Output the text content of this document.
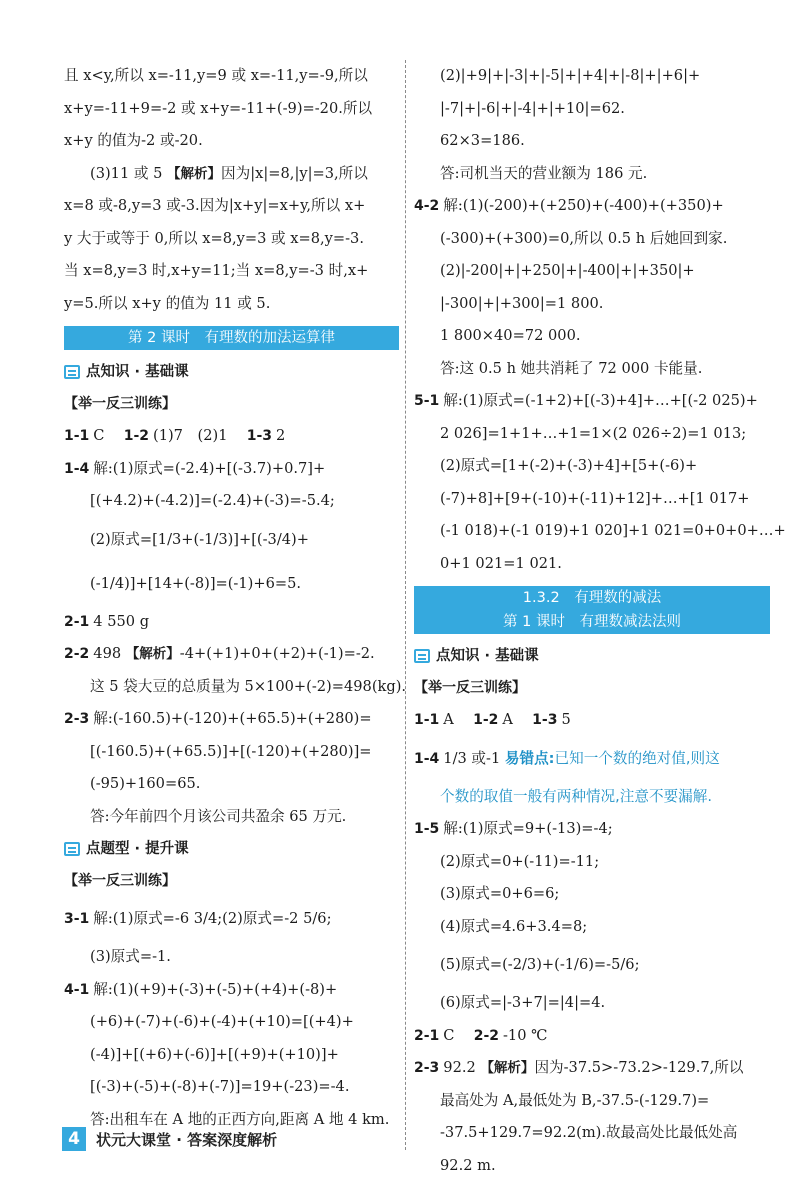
且 x<y,所以 x=-11,y=9 或 x=-11,y=-9,所以
x+y=-11+9=-2 或 x+y=-11+(-9)=-20.所以
x+y 的值为-2 或-20.
(3)11 或 5 【解析】因为|x|=8,|y|=3,所以
x=8 或-8,y=3 或-3.因为|x+y|=x+y,所以 x+
y 大于或等于 0,所以 x=8,y=3 或 x=8,y=-3.
当 x=8,y=3 时,x+y=11;当 x=8,y=-3 时,x+
y=5.所以 x+y 的值为 11 或 5.
第 2 课时　有理数的加法运算律
点知识 · 基础课
【举一反三训练】
1-1 C　 1-2 (1)7　(2)1　 1-3 2
1-4 解:(1)原式=(-2.4)+[(-3.7)+0.7]+
[(+4.2)+(-4.2)]=(-2.4)+(-3)=-5.4;
(2)原式=[1/3+(-1/3)]+[(-3/4)+
(-1/4)]+[14+(-8)]=(-1)+6=5.
2-1 4 550 g
2-2 498 【解析】-4+(+1)+0+(+2)+(-1)=-2.
这 5 袋大豆的总质量为 5×100+(-2)=498(kg).
2-3 解:(-160.5)+(-120)+(+65.5)+(+280)=
[(-160.5)+(+65.5)]+[(-120)+(+280)]=
(-95)+160=65.
答:今年前四个月该公司共盈余 65 万元.
点题型 · 提升课
【举一反三训练】
3-1 解:(1)原式=-6 3/4;(2)原式=-2 5/6;
(3)原式=-1.
4-1 解:(1)(+9)+(-3)+(-5)+(+4)+(-8)+
(+6)+(-7)+(-6)+(-4)+(+10)=[(+4)+
(-4)]+[(+6)+(-6)]+[(+9)+(+10)]+
[(-3)+(-5)+(-8)+(-7)]=19+(-23)=-4.
答:出租车在 A 地的正西方向,距离 A 地 4 km.
(2)|+9|+|-3|+|-5|+|+4|+|-8|+|+6|+
|-7|+|-6|+|-4|+|+10|=62.
62×3=186.
答:司机当天的营业额为 186 元.
4-2 解:(1)(-200)+(+250)+(-400)+(+350)+
(-300)+(+300)=0,所以 0.5 h 后她回到家.
(2)|-200|+|+250|+|-400|+|+350|+
|-300|+|+300|=1 800.
1 800×40=72 000.
答:这 0.5 h 她共消耗了 72 000 卡能量.
5-1 解:(1)原式=(-1+2)+[(-3)+4]+…+[(-2 025)+
2 026]=1+1+…+1=1×(2 026÷2)=1 013;
(2)原式=[1+(-2)+(-3)+4]+[5+(-6)+
(-7)+8]+[9+(-10)+(-11)+12]+…+[1 017+
(-1 018)+(-1 019)+1 020]+1 021=0+0+0+…+
0+1 021=1 021.
1.3.2　有理数的减法
第 1 课时　有理数减法法则
点知识 · 基础课
【举一反三训练】
1-1 A　 1-2 A　 1-3 5
1-4 1/3 或-1 易错点:已知一个数的绝对值,则这
个数的取值一般有两种情况,注意不要漏解.
1-5 解:(1)原式=9+(-13)=-4;
(2)原式=0+(-11)=-11;
(3)原式=0+6=6;
(4)原式=4.6+3.4=8;
(5)原式=(-2/3)+(-1/6)=-5/6;
(6)原式=|-3+7|=|4|=4.
2-1 C　 2-2 -10 ℃
2-3 92.2 【解析】因为-37.5>-73.2>-129.7,所以
最高处为 A,最低处为 B,-37.5-(-129.7)=
-37.5+129.7=92.2(m).故最高处比最低处高
92.2 m.
4	状元大课堂 · 答案深度解析
